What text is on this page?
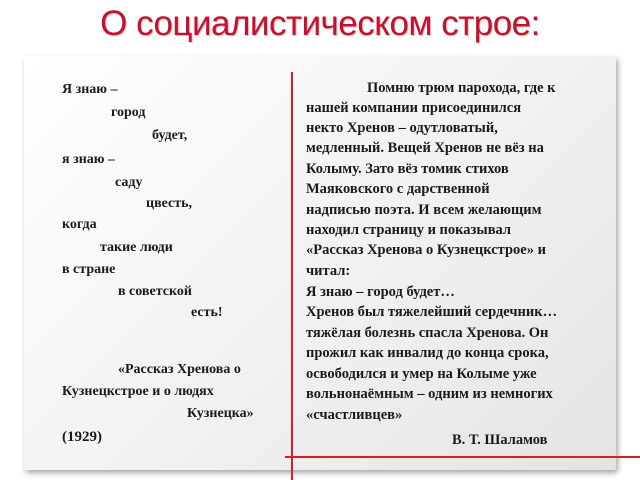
О социалистическом строе:
Я знаю –
город
будет,
я знаю –
саду
цвесть,
когда
такие люди
в стране
в советской
есть!
«Рассказ Хренова о
Кузнецкстрое и о людях
Кузнецка»
(1929)
Помню трюм парохода, где к
нашей компании присоединился
некто Хренов – одутловатый,
медленный. Вещей Хренов не вёз на
Колыму. Зато вёз томик стихов
Маяковского с дарственной
надписью поэта. И всем желающим
находил страницу и показывал
«Рассказ Хренова о Кузнецкстрое» и
читал:
Я знаю – город будет…
Хренов был тяжелейший сердечник…
тяжёлая болезнь спасла Хренова. Он
прожил как инвалид до конца срока,
освободился и умер на Колыме уже
вольнонаёмным – одним из немногих
«счастливцев»
В. Т. Шаламов
